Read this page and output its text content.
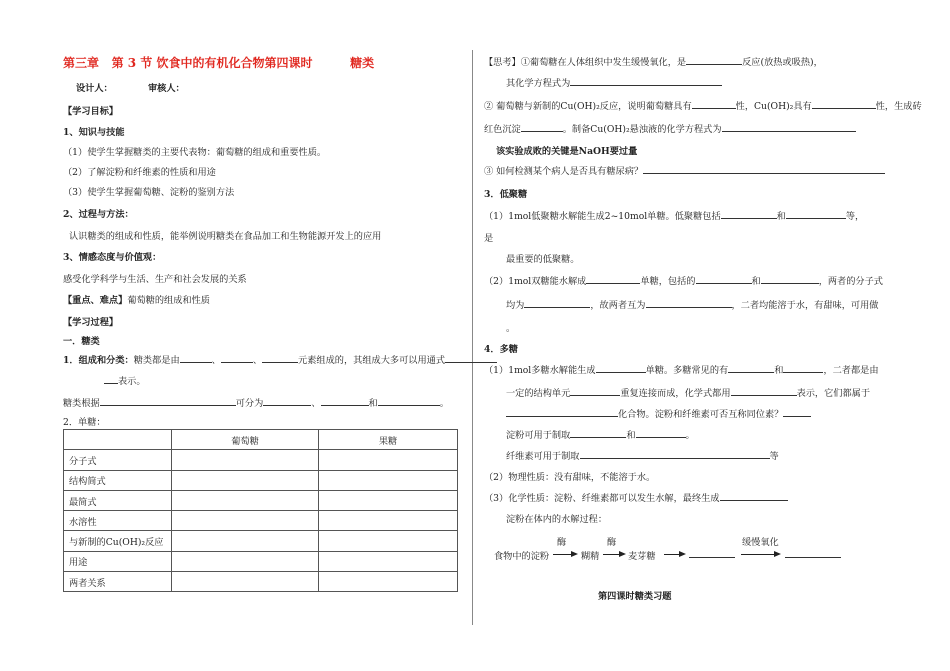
第三章 第 3 节 饮食中的有机化合物第四课时	糖类
设计人：	审核人：
【学习目标】
1、知识与技能
（1）使学生掌握糖类的主要代表物：葡萄糖的组成和重要性质。
（2）了解淀粉和纤维素的性质和用途
（3）使学生掌握葡萄糖、淀粉的鉴别方法
2、过程与方法：
认识糖类的组成和性质，能举例说明糖类在食品加工和生物能源开发上的应用
3、情感态度与价值观：
感受化学科学与生活、生产和社会发展的关系
【重点、难点】葡萄糖的组成和性质
【学习过程】
一．糖类
1．组成和分类：糖类都是由	、	、	元素组成的，其组成大多可以用通式
表示。
糖类根据	可分为	、	和	。
2．单糖：
	葡萄糖	果糖
分子式		
结构简式		
最简式		
水溶性		
与新制的Cu(OH)₂反应		
用途		
两者关系		
【思考】①葡萄糖在人体组织中发生缓慢氧化，是	反应(放热或吸热)，
其化学方程式为
② 葡萄糖与新制的Cu(OH)₂反应，说明葡萄糖具有	性，Cu(OH)₂具有	性，生成砖
红色沉淀	。制备Cu(OH)₂悬浊液的化学方程式为
该实验成败的关键是NaOH要过量
③ 如何检测某个病人是否具有糖尿病？
3．低聚糖
（1）1mol低聚糖水解能生成2~10mol单糖。低聚糖包括	和	等，
是
最重要的低聚糖。
（2）1mol双糖能水解成	单糖，包括的	和	，两者的分子式
均为	，故两者互为	，二者均能溶于水，有甜味，可用做
。
4．多糖
（1）1mol多糖水解能生成	单糖。多糖常见的有	和	，二者都是由
一定的结构单元	重复连接而成，化学式都用	表示，它们都属于
化合物。淀粉和纤维素可否互称同位素？
淀粉可用于制取	和	。
纤维素可用于制取	等
（2）物理性质：没有甜味，不能溶于水。
（3）化学性质：淀粉、纤维素都可以发生水解，最终生成
淀粉在体内的水解过程：
酶	酶	缓慢氧化
食物中的淀粉	糊精	麦芽糖
第四课时糖类习题
